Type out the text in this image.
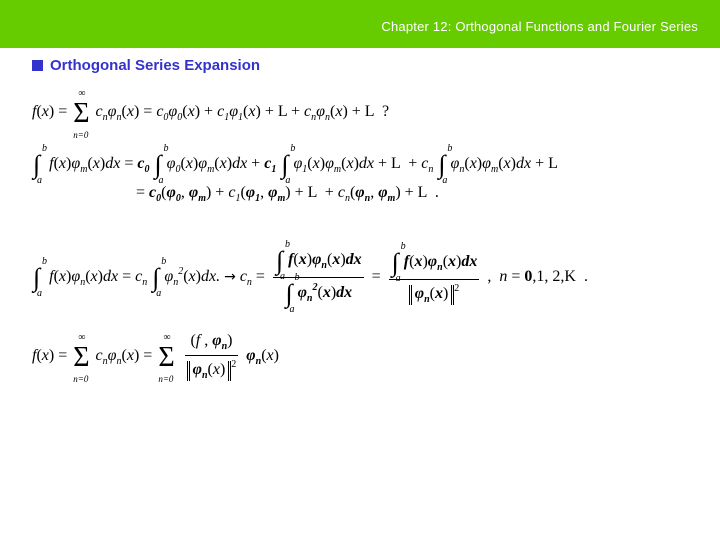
Chapter 12: Orthogonal Functions and Fourier Series
Orthogonal Series Expansion
f(x) = Σ
∞
n=0
$c_n\varphi_n(x) = c_0\varphi_0(x) + c_1\varphi_1(x) + L + c_n\varphi_n(x) + L$  ?
∫
b
a
$f(x)\varphi_m(x)dx = c_0$ ∫
b
a
$\varphi_0(x)\varphi_m(x)dx + c_1$ ∫
b
a
$\varphi_1(x)\varphi_m(x)dx + L + c_n$ ∫
b
a
$\varphi_n(x)\varphi_m(x)dx + L$
= $c_0(\varphi_0$, $\varphi_m) + c_1(\varphi_1$, $\varphi_m) + L + c_n(\varphi_n$, $\varphi_m) + L$  .
∫
b
a
$f(x)\varphi_n(x)dx = c_n$ ∫
b
a
$\varphi_n^2(x)dx$. → $c_n$ = ∫
b
a
$f(x)\varphi_n(x)dx$
∫
b
a
$\varphi_n^2(x)dx$ = ∫
b
a
$f(x)\varphi_n(x)dx$
$\varphi_n(x)$ $^2$ ,  n = 0,1, 2,K  .
f(x) = Σ
∞
n=0
$c_n\varphi_n(x) = \Sigma$
∞
n=0
$\frac{(f , \varphi_n)}{\varphi_n(x) ^2} \varphi_n(x)$
